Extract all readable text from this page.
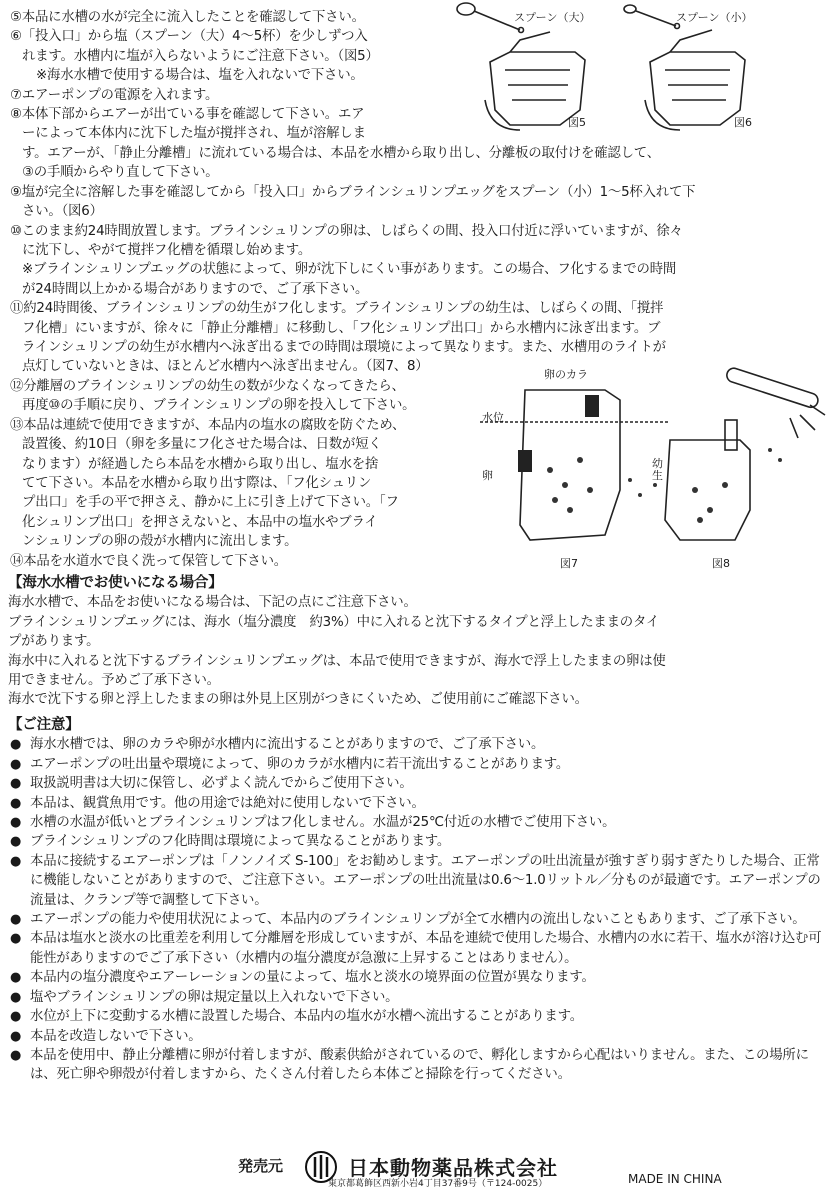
スプーン（大）	スプーン（小）
図5	図6
卵のカラ
水位
卵
幼生
図7	図8

⑤本品に水槽の水が完全に流入したことを確認して下さい。

⑥「投入口」から塩（スプーン（大）4～5杯）を少しずつ入

れます。水槽内に塩が入らないようにご注意下さい。（図5）

※海水水槽で使用する場合は、塩を入れないで下さい。

⑦エアーポンプの電源を入れます。

⑧本体下部からエアーが出ている事を確認して下さい。エア

ーによって本体内に沈下した塩が撹拌され、塩が溶解しま

す。エアーが、「静止分離槽」に流れている場合は、本品を水槽から取り出し、分離板の取付けを確認して、

③の手順からやり直して下さい。

⑨塩が完全に溶解した事を確認してから「投入口」からブラインシュリンプエッグをスプーン（小）1～5杯入れて下

さい。（図6）

⑩このまま約24時間放置します。ブラインシュリンプの卵は、しばらくの間、投入口付近に浮いていますが、徐々

に沈下し、やがて撹拌フ化槽を循環し始めます。

※ブラインシュリンプエッグの状態によって、卵が沈下しにくい事があります。この場合、フ化するまでの時間

が24時間以上かかる場合がありますので、ご了承下さい。

⑪約24時間後、ブラインシュリンプの幼生がフ化します。ブラインシュリンプの幼生は、しばらくの間、「撹拌

フ化槽」にいますが、徐々に「静止分離槽」に移動し、「フ化シュリンプ出口」から水槽内に泳ぎ出ます。ブ

ラインシュリンプの幼生が水槽内へ泳ぎ出るまでの時間は環境によって異なります。また、水槽用のライトが

点灯していないときは、ほとんど水槽内へ泳ぎ出ません。（図7、8）

⑫分離層のブラインシュリンプの幼生の数が少なくなってきたら、

再度⑩の手順に戻り、ブラインシュリンプの卵を投入して下さい。

⑬本品は連続で使用できますが、本品内の塩水の腐敗を防ぐため、

設置後、約10日（卵を多量にフ化させた場合は、日数が短く

なります）が経過したら本品を水槽から取り出し、塩水を捨

てて下さい。本品を水槽から取り出す際は、「フ化シュリン

プ出口」を手の平で押さえ、静かに上に引き上げて下さい。「フ

化シュリンプ出口」を押さえないと、本品中の塩水やブライ

ンシュリンプの卵の殻が水槽内に流出します。

⑭本品を水道水で良く洗って保管して下さい。

【海水水槽でお使いになる場合】

海水水槽で、本品をお使いになる場合は、下記の点にご注意下さい。

ブラインシュリンプエッグには、海水（塩分濃度　約3%）中に入れると沈下するタイプと浮上したままのタイ

プがあります。

海水中に入れると沈下するブラインシュリンプエッグは、本品で使用できますが、海水で浮上したままの卵は使

用できません。予めご了承下さい。

海水で沈下する卵と浮上したままの卵は外見上区別がつきにくいため、ご使用前にご確認下さい。

【ご注意】

● 海水水槽では、卵のカラや卵が水槽内に流出することがありますので、ご了承下さい。
● エアーポンプの吐出量や環境によって、卵のカラが水槽内に若干流出することがあります。
● 取扱説明書は大切に保管し、必ずよく読んでからご使用下さい。
● 本品は、観賞魚用です。他の用途では絶対に使用しないで下さい。
● 水槽の水温が低いとブラインシュリンプはフ化しません。水温が25℃付近の水槽でご使用下さい。
● ブラインシュリンプのフ化時間は環境によって異なることがあります。
● 本品に接続するエアーポンプは「ノンノイズ S-100」をお勧めします。エアーポンプの吐出流量が強すぎり弱すぎたりした場合、正常に機能しないことがありますので、ご注意下さい。エアーポンプの吐出流量は0.6～1.0リットル／分ものが最適です。エアーポンプの流量は、クランプ等で調整して下さい。
● エアーポンプの能力や使用状況によって、本品内のブラインシュリンプが全て水槽内の流出しないこともあります、ご了承下さい。
● 本品は塩水と淡水の比重差を利用して分離層を形成していますが、本品を連続で使用した場合、水槽内の水に若干、塩水が溶け込む可能性がありますのでご了承下さい（水槽内の塩分濃度が急激に上昇することはありません）。
● 本品内の塩分濃度やエアーレーションの量によって、塩水と淡水の境界面の位置が異なります。
● 塩やブラインシュリンプの卵は規定量以上入れないで下さい。
● 水位が上下に変動する水槽に設置した場合、本品内の塩水が水槽へ流出することがあります。
● 本品を改造しないで下さい。
● 本品を使用中、静止分離槽に卵が付着しますが、酸素供給がされているので、孵化しますから心配はいりません。また、この場所には、死亡卵や卵殻が付着しますから、たくさん付着したら本体ごと掃除を行ってください。
発売元	日本動物薬品株式会社
東京都葛飾区西新小岩4丁目37番9号（〒124-0025）	MADE IN CHINA
